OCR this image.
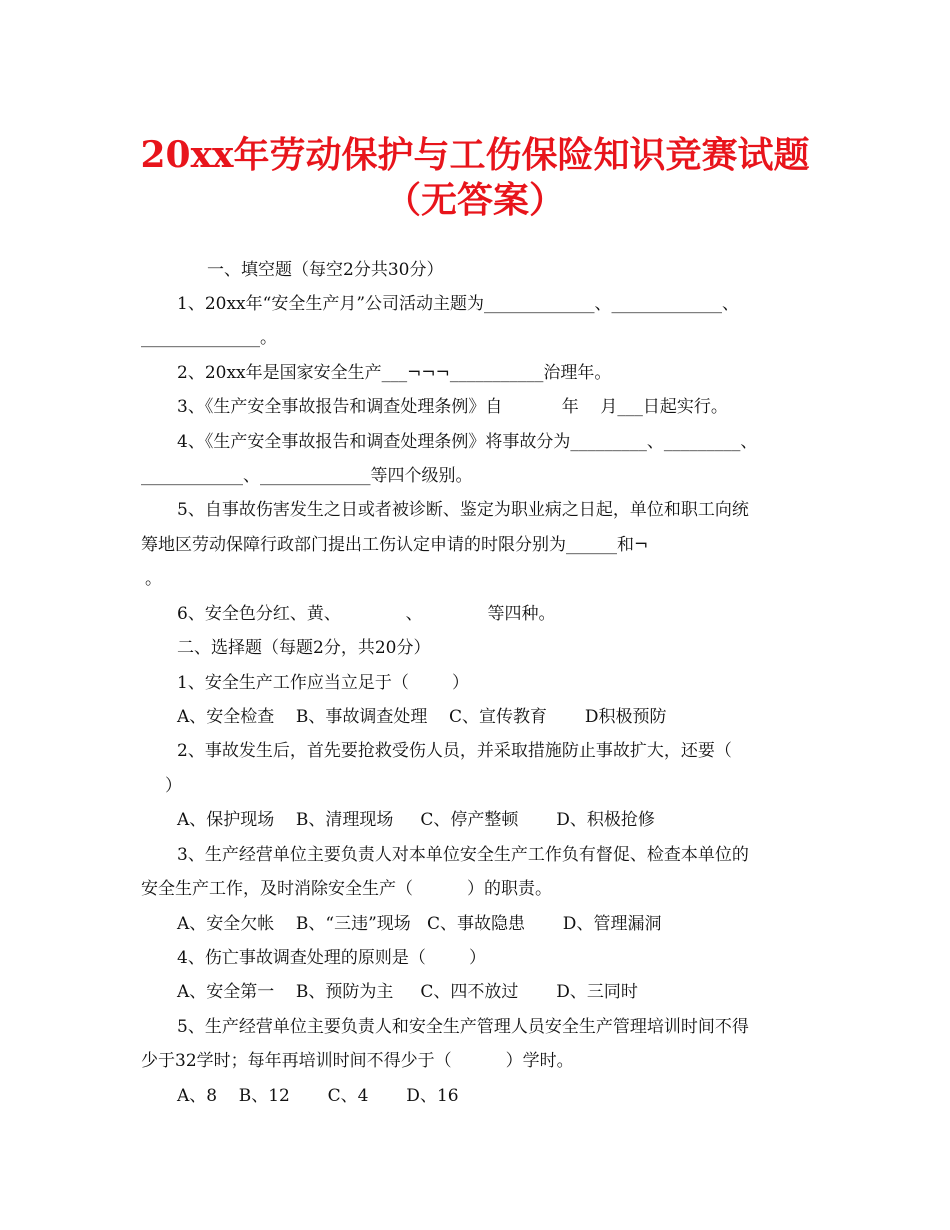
20xx年劳动保护与工伤保险知识竞赛试题
（无答案）
一、填空题（每空2分共30分）
1、20xx年“安全生产月”公司活动主题为_____________、_____________、
______________。
2、20xx年是国家安全生产___¬¬¬___________治理年。
3、《生产安全事故报告和调查处理条例》自           年    月___日起实行。
4、《生产安全事故报告和调查处理条例》将事故分为_________、_________、
____________、_____________等四个级别。
5、自事故伤害发生之日或者被诊断、鉴定为职业病之日起，单位和职工向统
筹地区劳动保障行政部门提出工伤认定申请的时限分别为______和¬
。
6、安全色分红、黄、            、            等四种。
二、选择题（每题2分，共20分）
1、安全生产工作应当立足于（        ）
A、安全检查    B、事故调查处理    C、宣传教育       D积极预防
2、事故发生后，首先要抢救受伤人员，并采取措施防止事故扩大，还要（
）
A、保护现场    B、清理现场     C、停产整顿       D、积极抢修
3、生产经营单位主要负责人对本单位安全生产工作负有督促、检查本单位的
安全生产工作，及时消除安全生产（          ）的职责。
A、安全欠帐    B、“三违”现场   C、事故隐患       D、管理漏洞
4、伤亡事故调查处理的原则是（        ）
A、安全第一    B、预防为主     C、四不放过       D、三同时
5、生产经营单位主要负责人和安全生产管理人员安全生产管理培训时间不得
少于32学时；每年再培训时间不得少于（          ）学时。
A、8    B、12       C、4       D、16
